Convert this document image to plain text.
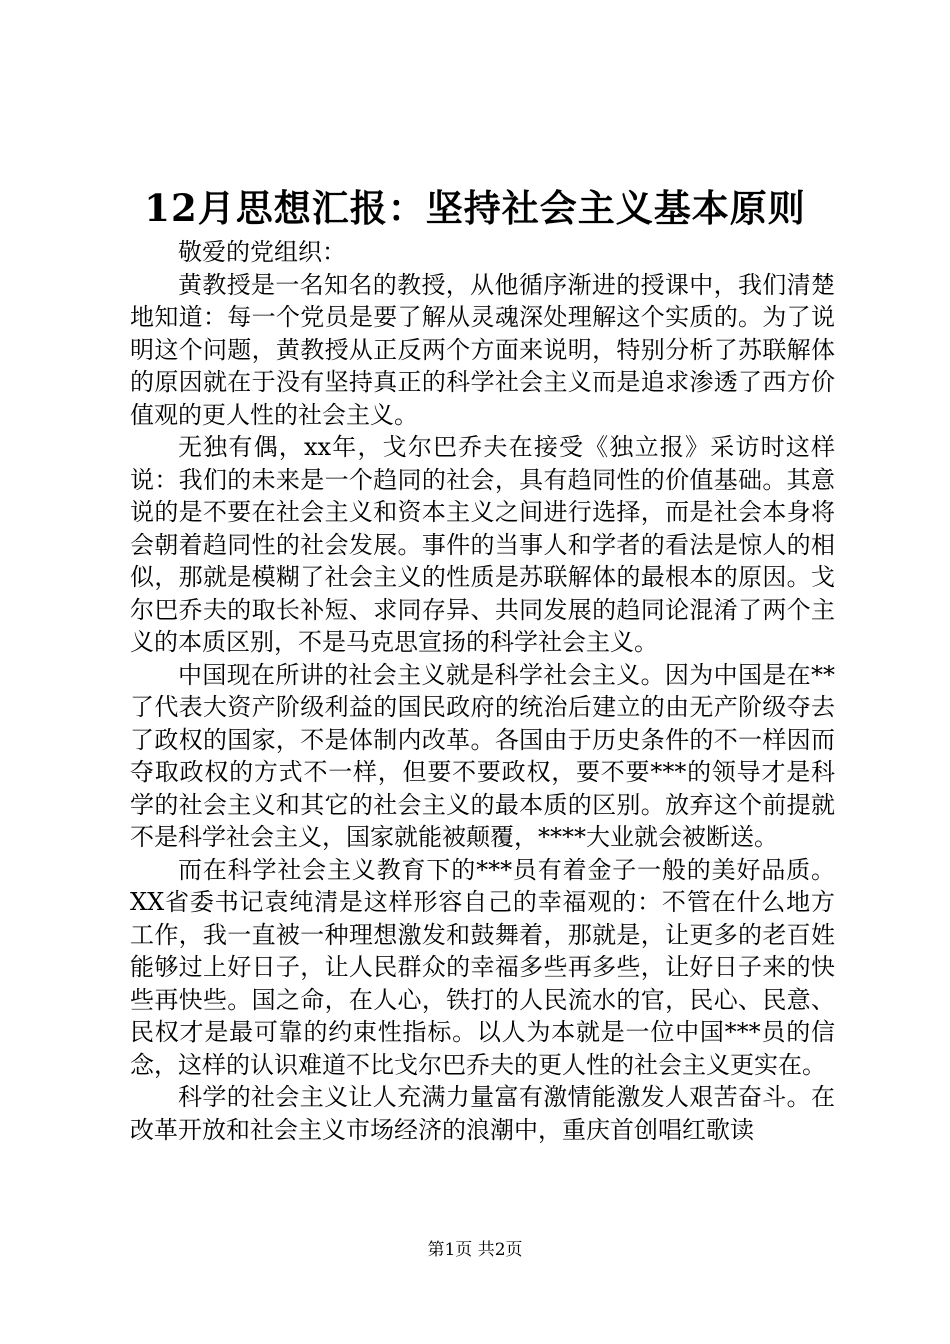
12月思想汇报：坚持社会主义基本原则

敬爱的党组织：

黄教授是一名知名的教授，从他循序渐进的授课中，我们清楚地知道：每一个党员是要了解从灵魂深处理解这个实质的。为了说明这个问题，黄教授从正反两个方面来说明，特别分析了苏联解体的原因就在于没有坚持真正的科学社会主义而是追求渗透了西方价值观的更人性的社会主义。

无独有偶，xx年，戈尔巴乔夫在接受《独立报》采访时这样说：我们的未来是一个趋同的社会，具有趋同性的价值基础。其意说的是不要在社会主义和资本主义之间进行选择，而是社会本身将会朝着趋同性的社会发展。事件的当事人和学者的看法是惊人的相似，那就是模糊了社会主义的性质是苏联解体的最根本的原因。戈尔巴乔夫的取长补短、求同存异、共同发展的趋同论混淆了两个主义的本质区别，不是马克思宣扬的科学社会主义。

中国现在所讲的社会主义就是科学社会主义。因为中国是在**了代表大资产阶级利益的国民政府的统治后建立的由无产阶级夺去了政权的国家，不是体制内改革。各国由于历史条件的不一样因而夺取政权的方式不一样，但要不要政权，要不要***的领导才是科学的社会主义和其它的社会主义的最本质的区别。放弃这个前提就不是科学社会主义，国家就能被颠覆，****大业就会被断送。

而在科学社会主义教育下的***员有着金子一般的美好品质。XX省委书记袁纯清是这样形容自己的幸福观的：不管在什么地方工作，我一直被一种理想激发和鼓舞着，那就是，让更多的老百姓能够过上好日子，让人民群众的幸福多些再多些，让好日子来的快些再快些。国之命，在人心，铁打的人民流水的官，民心、民意、民权才是最可靠的约束性指标。以人为本就是一位中国***员的信念，这样的认识难道不比戈尔巴乔夫的更人性的社会主义更实在。

科学的社会主义让人充满力量富有激情能激发人艰苦奋斗。在改革开放和社会主义市场经济的浪潮中，重庆首创唱红歌读

第1页 共2页
